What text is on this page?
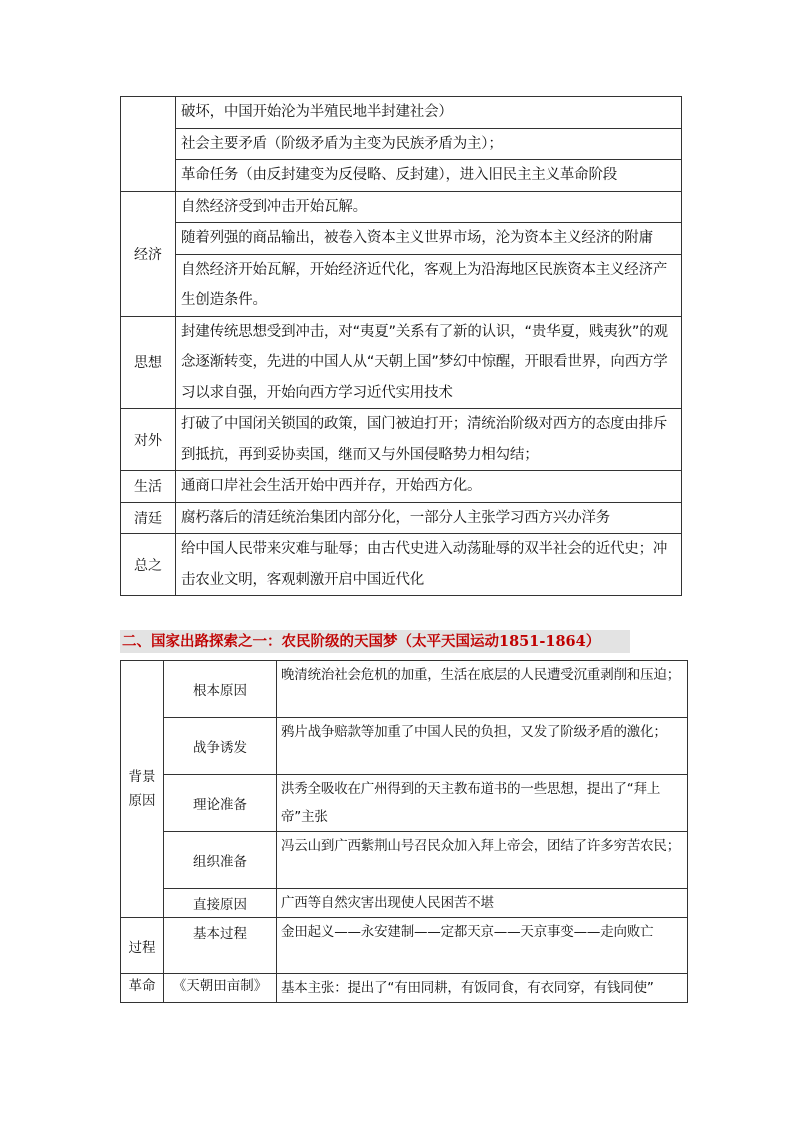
	破坏，中国开始沦为半殖民地半封建社会）
	社会主要矛盾（阶级矛盾为主变为民族矛盾为主）；
	革命任务（由反封建变为反侵略、反封建），进入旧民主主义革命阶段
经济	自然经济受到冲击开始瓦解。
	随着列强的商品输出，被卷入资本主义世界市场，沦为资本主义经济的附庸
	自然经济开始瓦解，开始经济近代化，客观上为沿海地区民族资本主义经济产生创造条件。
思想	封建传统思想受到冲击，对“夷夏”关系有了新的认识，“贵华夏，贱夷狄”的观念逐渐转变，先进的中国人从“天朝上国”梦幻中惊醒，开眼看世界，向西方学习以求自强，开始向西方学习近代实用技术
对外	打破了中国闭关锁国的政策，国门被迫打开；清统治阶级对西方的态度由排斥到抵抗，再到妥协卖国，继而又与外国侵略势力相勾结；
生活	通商口岸社会生活开始中西并存，开始西方化。
清廷	腐朽落后的清廷统治集团内部分化，一部分人主张学习西方兴办洋务
总之	给中国人民带来灾难与耻辱；由古代史进入动荡耻辱的双半社会的近代史；冲击农业文明，客观刺激开启中国近代化
二、国家出路探索之一：农民阶级的天国梦（太平天国运动1851-1864）
背景原因	根本原因	晚清统治社会危机的加重，生活在底层的人民遭受沉重剥削和压迫；
	战争诱发	鸦片战争赔款等加重了中国人民的负担，又发了阶级矛盾的激化；
	理论准备	洪秀全吸收在广州得到的天主教布道书的一些思想，提出了“拜上帝”主张
	组织准备	冯云山到广西紫荆山号召民众加入拜上帝会，团结了许多穷苦农民；
	直接原因	广西等自然灾害出现使人民困苦不堪
过程	基本过程	金田起义——永安建制——定都天京——天京事变——走向败亡
革命	《天朝田亩制》	基本主张：提出了“有田同耕，有饭同食，有衣同穿，有钱同使”
